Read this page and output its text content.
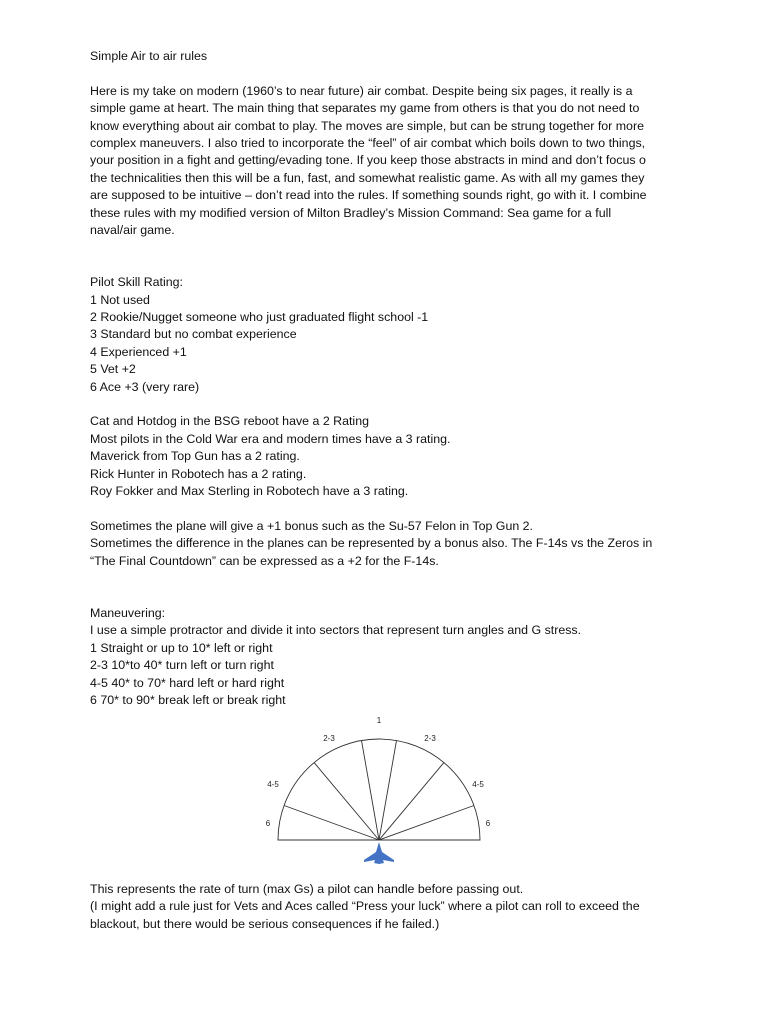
Simple Air to air rules

Here is my take on modern (1960’s to near future) air combat. Despite being six pages, it really is a

simple game at heart. The main thing that separates my game from others is that you do not need to

know everything about air combat to play. The moves are simple, but can be strung together for more

complex maneuvers. I also tried to incorporate the “feel” of air combat which boils down to two things,

your position in a fight and getting/evading tone. If you keep those abstracts in mind and don’t focus o

the technicalities then this will be a fun, fast, and somewhat realistic game. As with all my games they

are supposed to be intuitive – don’t read into the rules. If something sounds right, go with it. I combine

these rules with my modified version of Milton Bradley’s Mission Command: Sea game for a full

naval/air game.

Pilot Skill Rating:

1 Not used

2 Rookie/Nugget someone who just graduated flight school -1

3 Standard but no combat experience

4 Experienced +1

5 Vet +2

6 Ace +3 (very rare)

Cat and Hotdog in the BSG reboot have a 2 Rating

Most pilots in the Cold War era and modern times have a 3 rating.

Maverick from Top Gun has a 2 rating.

Rick Hunter in Robotech has a 2 rating.

Roy Fokker and Max Sterling in Robotech have a 3 rating.

Sometimes the plane will give a +1 bonus such as the Su-57 Felon in Top Gun 2.

Sometimes the difference in the planes can be represented by a bonus also. The F-14s vs the Zeros in

“The Final Countdown” can be expressed as a +2 for the F-14s.

Maneuvering:

I use a simple protractor and divide it into sectors that represent turn angles and G stress.

1 Straight or up to 10* left or right

2-3 10*to 40* turn left or turn right

4-5 40* to 70* hard left or hard right

6 70* to 90* break left or break right

1
2-3	2-3
4-5	4-5
6	6

This represents the rate of turn (max Gs) a pilot can handle before passing out.

(I might add a rule just for Vets and Aces called “Press your luck” where a pilot can roll to exceed the

blackout, but there would be serious consequences if he failed.)
